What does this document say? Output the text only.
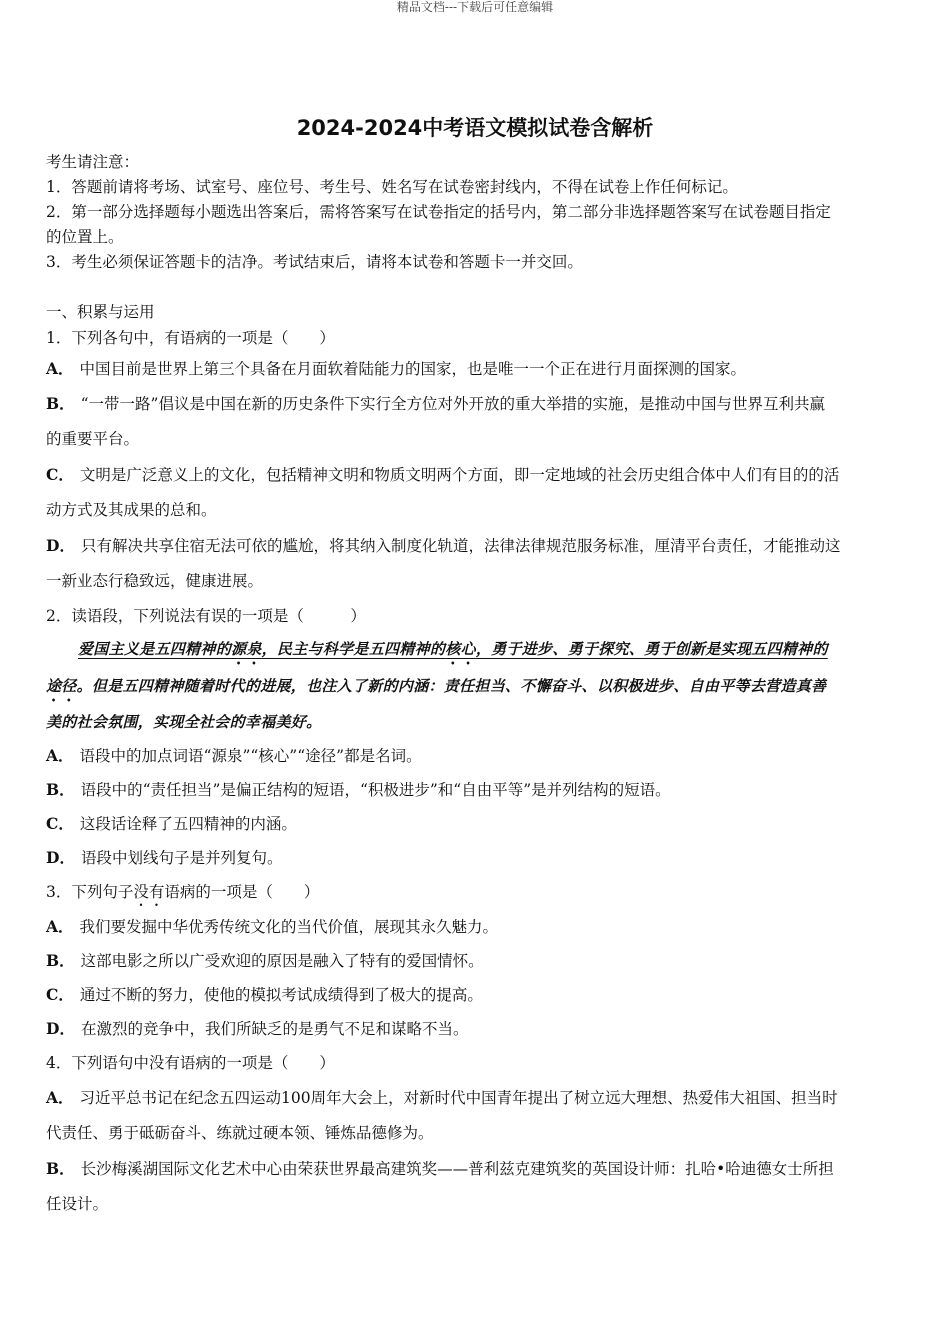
精品文档---下载后可任意编辑
2024-2024中考语文模拟试卷含解析

考生请注意：

1．答题前请将考场、试室号、座位号、考生号、姓名写在试卷密封线内，不得在试卷上作任何标记。

2．第一部分选择题每小题选出答案后，需将答案写在试卷指定的括号内，第二部分非选择题答案写在试卷题目指定

的位置上。

3．考生必须保证答题卡的洁净。考试结束后，请将本试卷和答题卡一并交回。

一、积累与运用

1．下列各句中，有语病的一项是（　　）

A． 中国目前是世界上第三个具备在月面软着陆能力的国家，也是唯一一个正在进行月面探测的国家。

B． “一带一路”倡议是中国在新的历史条件下实行全方位对外开放的重大举措的实施，是推动中国与世界互利共赢

的重要平台。

C． 文明是广泛意义上的文化，包括精神文明和物质文明两个方面，即一定地域的社会历史组合体中人们有目的的活

动方式及其成果的总和。

D． 只有解决共享住宿无法可依的尴尬，将其纳入制度化轨道，法律法律规范服务标准，厘清平台责任，才能推动这

一新业态行稳致远，健康进展。

2．读语段，下列说法有误的一项是（　　　）

爱国主义是五四精神的源泉，民主与科学是五四精神的核心，勇于进步、勇于探究、勇于创新是实现五四精神的

途径。但是五四精神随着时代的进展，也注入了新的内涵：责任担当、不懈奋斗、以积极进步、自由平等去营造真善

美的社会氛围，实现全社会的幸福美好。

A． 语段中的加点词语“源泉”“核心”“途径”都是名词。

B． 语段中的“责任担当”是偏正结构的短语，“积极进步”和“自由平等”是并列结构的短语。

C． 这段话诠释了五四精神的内涵。

D． 语段中划线句子是并列复句。

3．下列句子没有语病的一项是（　　）

A． 我们要发掘中华优秀传统文化的当代价值，展现其永久魅力。

B． 这部电影之所以广受欢迎的原因是融入了特有的爱国情怀。

C． 通过不断的努力，使他的模拟考试成绩得到了极大的提高。

D． 在激烈的竞争中，我们所缺乏的是勇气不足和谋略不当。

4．下列语句中没有语病的一项是（　　）

A． 习近平总书记在纪念五四运动100周年大会上，对新时代中国青年提出了树立远大理想、热爱伟大祖国、担当时

代责任、勇于砥砺奋斗、练就过硬本领、锤炼品德修为。

B． 长沙梅溪湖国际文化艺术中心由荣获世界最高建筑奖——普利兹克建筑奖的英国设计师：扎哈•哈迪德女士所担

任设计。
